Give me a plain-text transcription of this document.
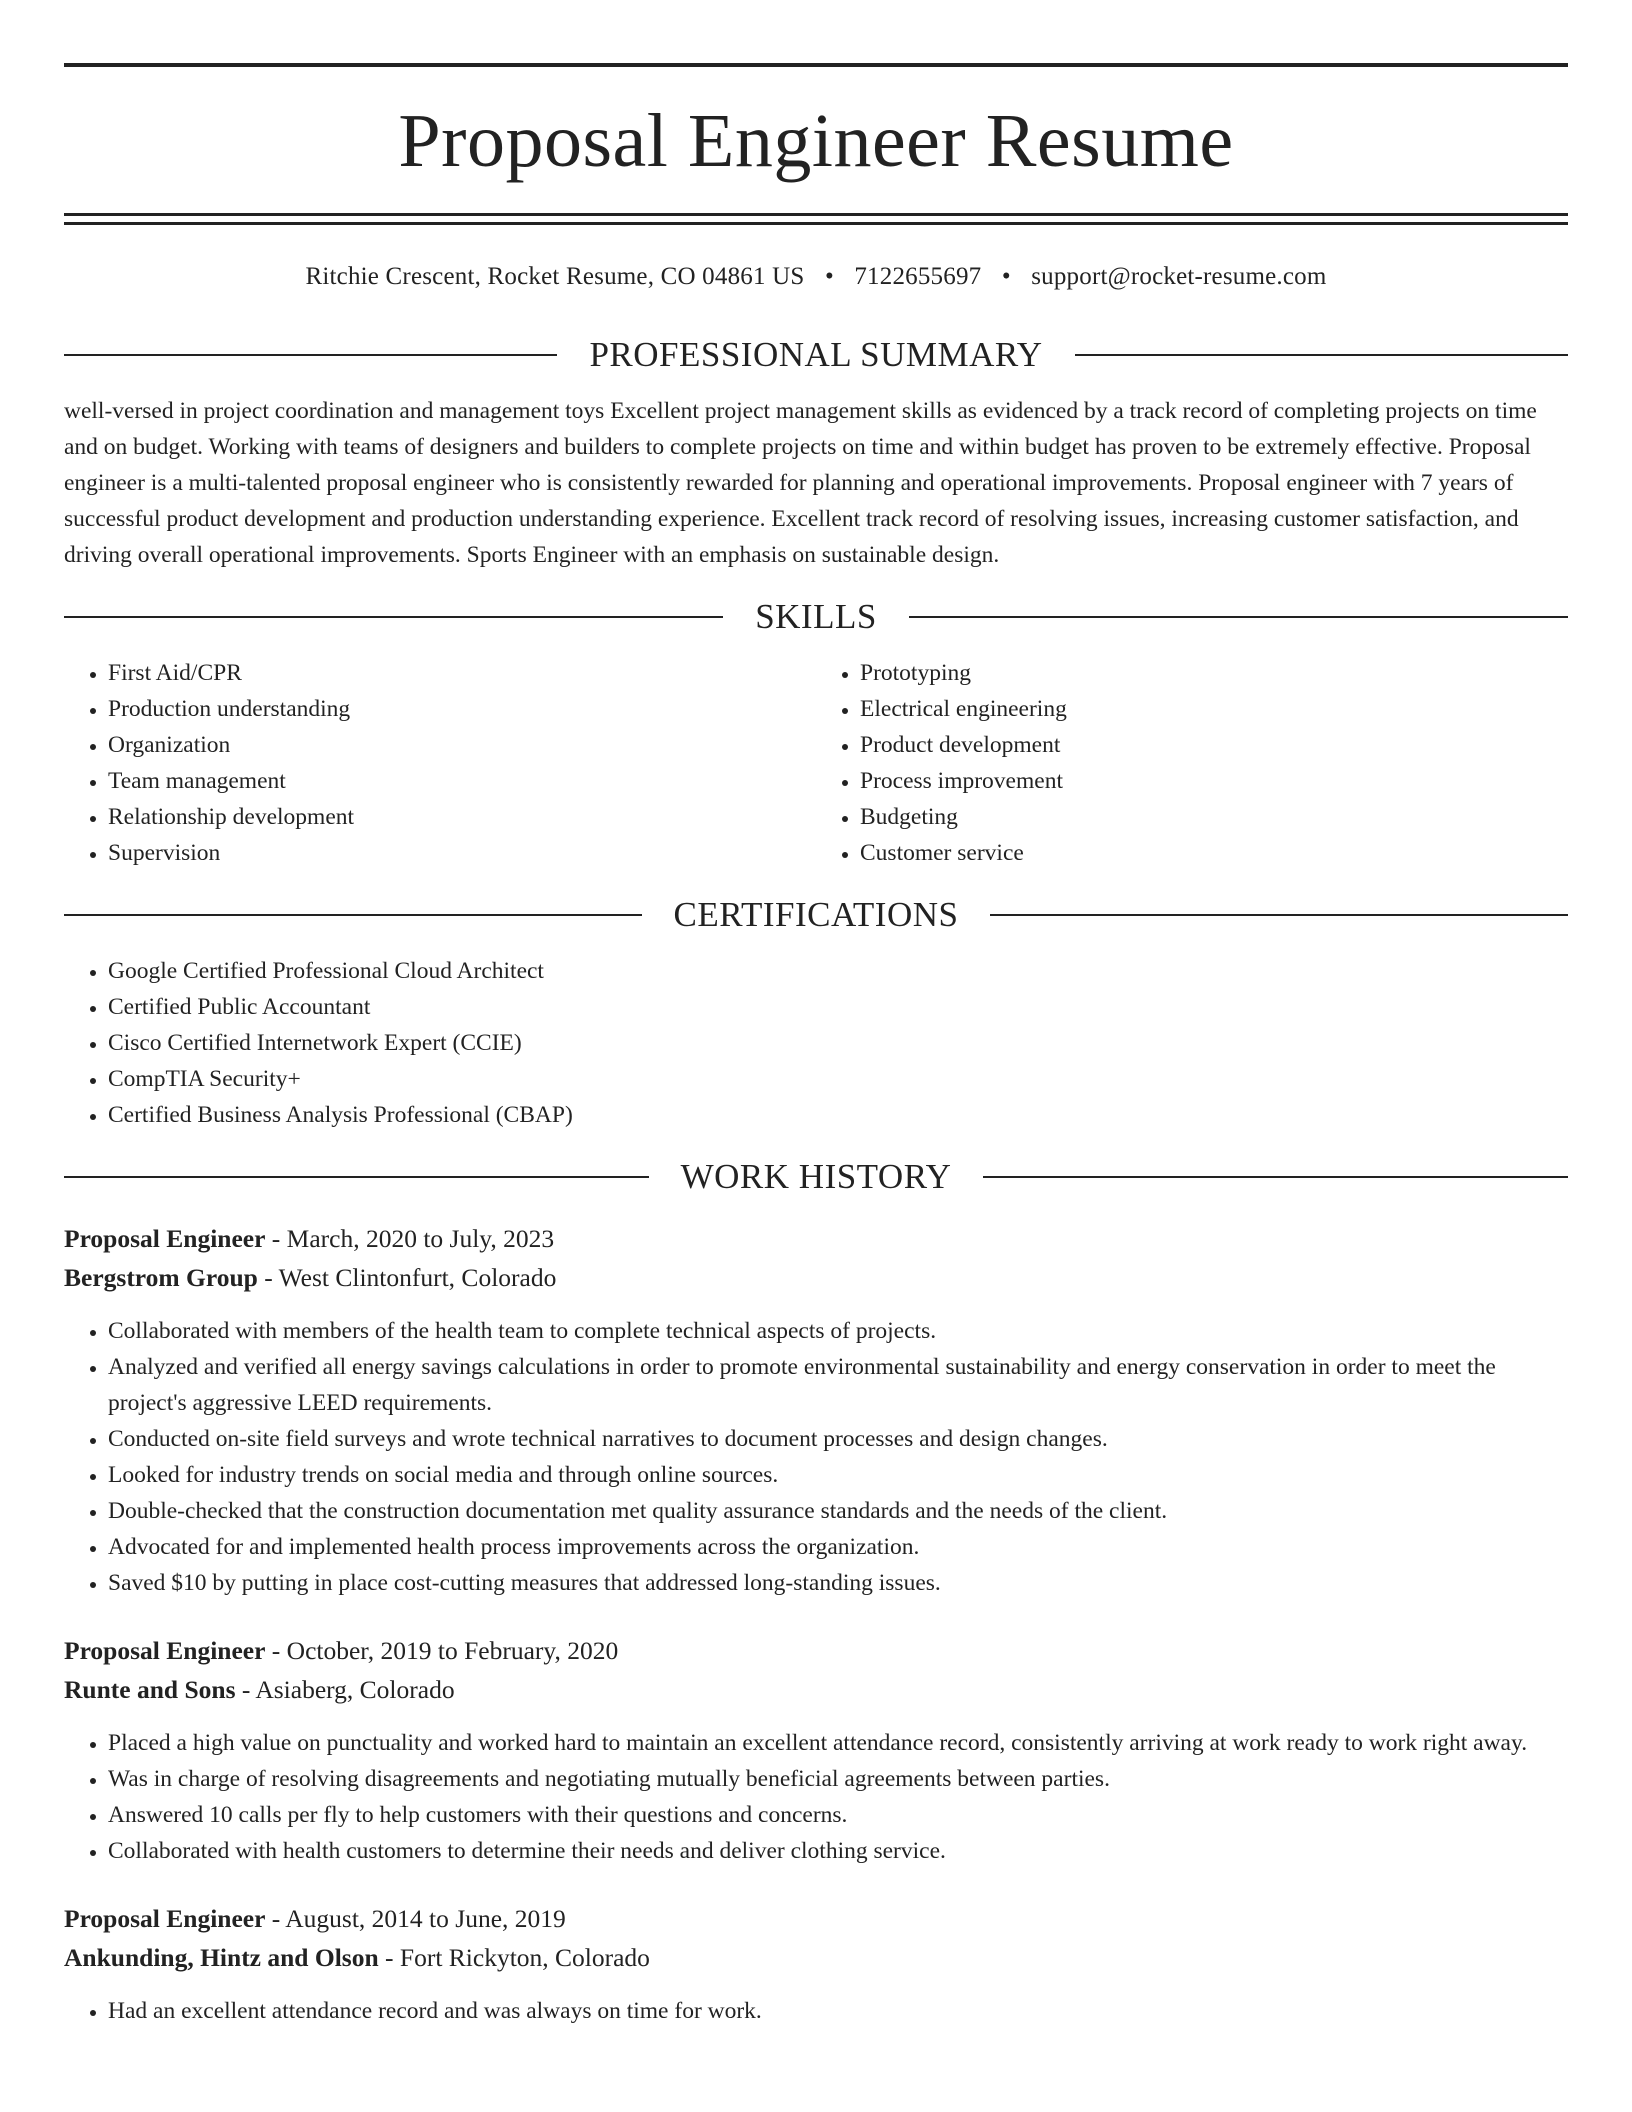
Proposal Engineer Resume
Ritchie Crescent, Rocket Resume, CO 04861 US • 7122655697 • support@rocket-resume.com
PROFESSIONAL SUMMARY
well-versed in project coordination and management toys Excellent project management skills as evidenced by a track record of completing projects on time and on budget. Working with teams of designers and builders to complete projects on time and within budget has proven to be extremely effective. Proposal engineer is a multi-talented proposal engineer who is consistently rewarded for planning and operational improvements. Proposal engineer with 7 years of successful product development and production understanding experience. Excellent track record of resolving issues, increasing customer satisfaction, and driving overall operational improvements. Sports Engineer with an emphasis on sustainable design.
SKILLS
• First Aid/CPR
• Production understanding
• Organization
• Team management
• Relationship development
• Supervision
• Prototyping
• Electrical engineering
• Product development
• Process improvement
• Budgeting
• Customer service
CERTIFICATIONS
• Google Certified Professional Cloud Architect
• Certified Public Accountant
• Cisco Certified Internetwork Expert (CCIE)
• CompTIA Security+
• Certified Business Analysis Professional (CBAP)
WORK HISTORY
Proposal Engineer - March, 2020 to July, 2023
Bergstrom Group - West Clintonfurt, Colorado
• Collaborated with members of the health team to complete technical aspects of projects.
• Analyzed and verified all energy savings calculations in order to promote environmental sustainability and energy conservation in order to meet the project's aggressive LEED requirements.
• Conducted on-site field surveys and wrote technical narratives to document processes and design changes.
• Looked for industry trends on social media and through online sources.
• Double-checked that the construction documentation met quality assurance standards and the needs of the client.
• Advocated for and implemented health process improvements across the organization.
• Saved $10 by putting in place cost-cutting measures that addressed long-standing issues.
Proposal Engineer - October, 2019 to February, 2020
Runte and Sons - Asiaberg, Colorado
• Placed a high value on punctuality and worked hard to maintain an excellent attendance record, consistently arriving at work ready to work right away.
• Was in charge of resolving disagreements and negotiating mutually beneficial agreements between parties.
• Answered 10 calls per fly to help customers with their questions and concerns.
• Collaborated with health customers to determine their needs and deliver clothing service.
Proposal Engineer - August, 2014 to June, 2019
Ankunding, Hintz and Olson - Fort Rickyton, Colorado
• Had an excellent attendance record and was always on time for work.
